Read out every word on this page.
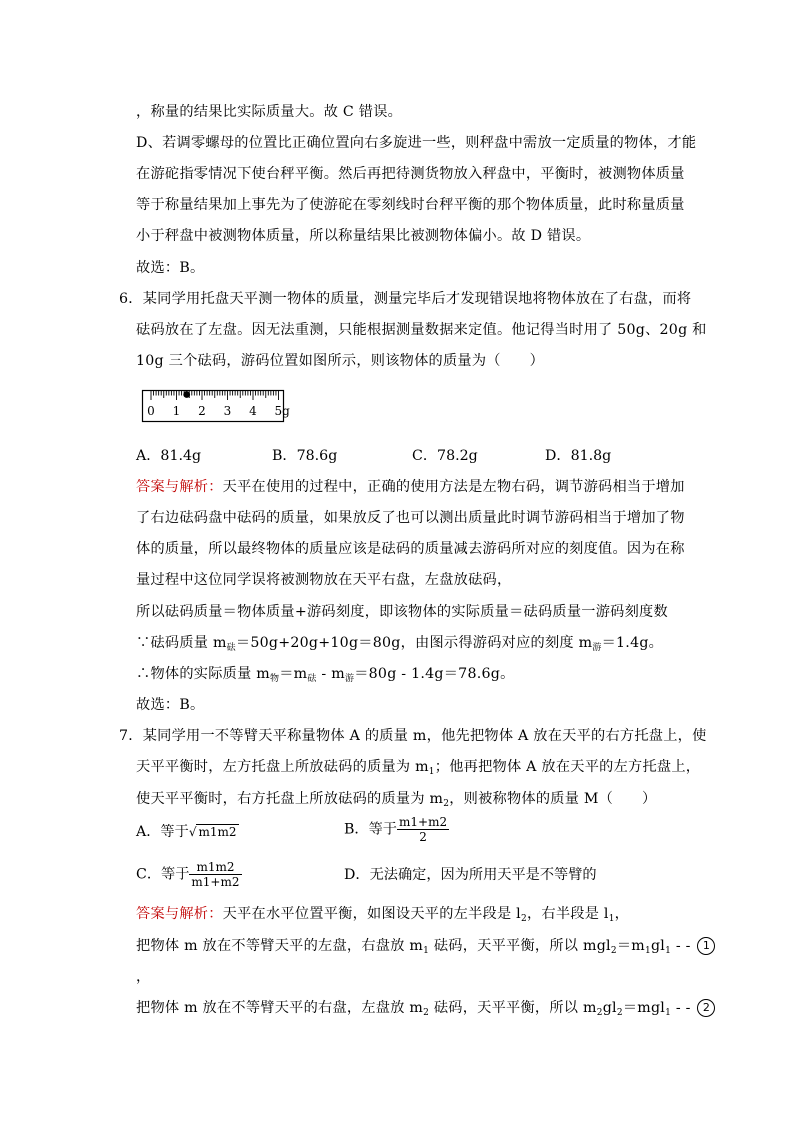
，称量的结果比实际质量大。故 C 错误。
D、若调零螺母的位置比正确位置向右多旋进一些，则秤盘中需放一定质量的物体，才能
在游砣指零情况下使台秤平衡。然后再把待测货物放入秤盘中，平衡时，被测物体质量
等于称量结果加上事先为了使游砣在零刻线时台秤平衡的那个物体质量，此时称量质量
小于秤盘中被测物体质量，所以称量结果比被测物体偏小。故 D 错误。
故选：B。
6．某同学用托盘天平测一物体的质量，测量完毕后才发现错误地将物体放在了右盘，而将
砝码放在了左盘。因无法重测，只能根据测量数据来定值。他记得当时用了 50g、20g 和
10g 三个砝码，游码位置如图所示，则该物体的质量为（　　）
0 1 2 3 4 5g
A．81.4g	B．78.6g	C．78.2g	D．81.8g
答案与解析：天平在使用的过程中，正确的使用方法是左物右码，调节游码相当于增加
了右边砝码盘中砝码的质量，如果放反了也可以测出质量此时调节游码相当于增加了物
体的质量，所以最终物体的质量应该是砝码的质量减去游码所对应的刻度值。因为在称
量过程中这位同学误将被测物放在天平右盘，左盘放砝码，
所以砝码质量＝物体质量+游码刻度，即该物体的实际质量＝砝码质量一游码刻度数
∵砝码质量 $m_砝=50g+20g+10g=80g$，由图示得游码对应的刻度 $m_游=1.4g$。
∴物体的实际质量 $m_物=m_砝 - m_游=80g - 1.4g=78.6g$。
故选：B。
7．某同学用一不等臂天平称量物体 A 的质量 m，他先把物体 A 放在天平的右方托盘上，使
天平平衡时，左方托盘上所放砝码的质量为 $m_1$；他再把物体 A 放在天平的左方托盘上，
使天平平衡时，右方托盘上所放砝码的质量为 $m_2$，则被称物体的质量 M（　　）
A．等于√ m1m2	B．等于 $\frac{m1+m2}{2}$
C．等于 $\frac{m1m2}{m1+m2}$	D．无法确定，因为所用天平是不等臂的
答案与解析：天平在水平位置平衡，如图设天平的左半段是 $l_2$，右半段是 $l_1$，
把物体 m 放在不等臂天平的左盘，右盘放 $m_1$ 砝码，天平平衡，所以 $mgl_2=m_1gl_1$ - - 1
，
把物体 m 放在不等臂天平的右盘，左盘放 $m_2$ 砝码，天平平衡，所以 $m_2gl_2=mgl_1$ - - 2
